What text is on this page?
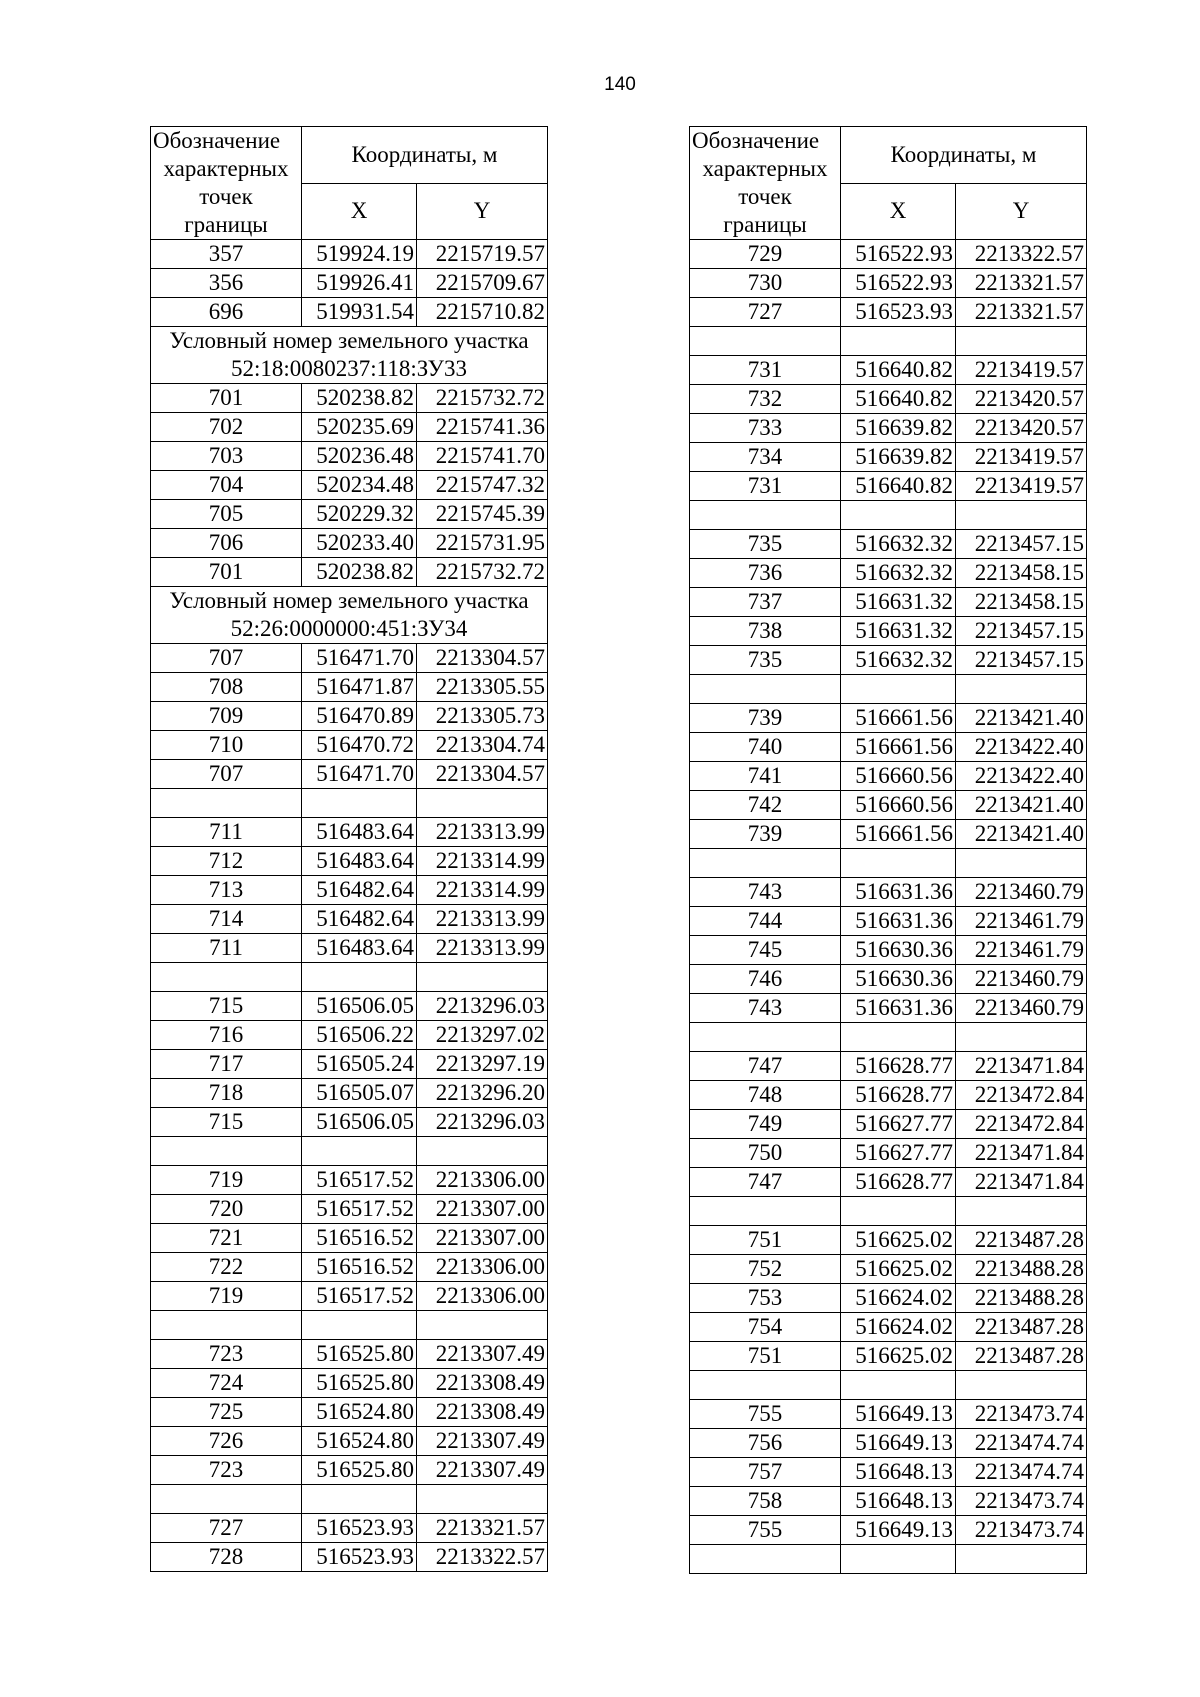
140
Обозначение
характерных
точек
границы	Координаты, м	
	X	Y
357	519924.19	2215719.57
356	519926.41	2215709.67
696	519931.54	2215710.82

Условный номер земельного участка
52:18:0080237:118:ЗУ33		

701	520238.82	2215732.72
702	520235.69	2215741.36
703	520236.48	2215741.70
704	520234.48	2215747.32
705	520229.32	2215745.39
706	520233.40	2215731.95
701	520238.82	2215732.72

Условный номер земельного участка
52:26:0000000:451:ЗУ34		

707	516471.70	2213304.57
708	516471.87	2213305.55
709	516470.89	2213305.73
710	516470.72	2213304.74
707	516471.70	2213304.57

711	516483.64	2213313.99
712	516483.64	2213314.99
713	516482.64	2213314.99
714	516482.64	2213313.99
711	516483.64	2213313.99

715	516506.05	2213296.03
716	516506.22	2213297.02
717	516505.24	2213297.19
718	516505.07	2213296.20
715	516506.05	2213296.03

719	516517.52	2213306.00
720	516517.52	2213307.00
721	516516.52	2213307.00
722	516516.52	2213306.00
719	516517.52	2213306.00

723	516525.80	2213307.49
724	516525.80	2213308.49
725	516524.80	2213308.49
726	516524.80	2213307.49
723	516525.80	2213307.49

727	516523.93	2213321.57
728	516523.93	2213322.57
Обозначение
характерных
точек
границы	Координаты, м	
	X	Y
729	516522.93	2213322.57
730	516522.93	2213321.57
727	516523.93	2213321.57

731	516640.82	2213419.57
732	516640.82	2213420.57
733	516639.82	2213420.57
734	516639.82	2213419.57
731	516640.82	2213419.57

735	516632.32	2213457.15
736	516632.32	2213458.15
737	516631.32	2213458.15
738	516631.32	2213457.15
735	516632.32	2213457.15

739	516661.56	2213421.40
740	516661.56	2213422.40
741	516660.56	2213422.40
742	516660.56	2213421.40
739	516661.56	2213421.40

743	516631.36	2213460.79
744	516631.36	2213461.79
745	516630.36	2213461.79
746	516630.36	2213460.79
743	516631.36	2213460.79

747	516628.77	2213471.84
748	516628.77	2213472.84
749	516627.77	2213472.84
750	516627.77	2213471.84
747	516628.77	2213471.84

751	516625.02	2213487.28
752	516625.02	2213488.28
753	516624.02	2213488.28
754	516624.02	2213487.28
751	516625.02	2213487.28

755	516649.13	2213473.74
756	516649.13	2213474.74
757	516648.13	2213474.74
758	516648.13	2213473.74
755	516649.13	2213473.74
